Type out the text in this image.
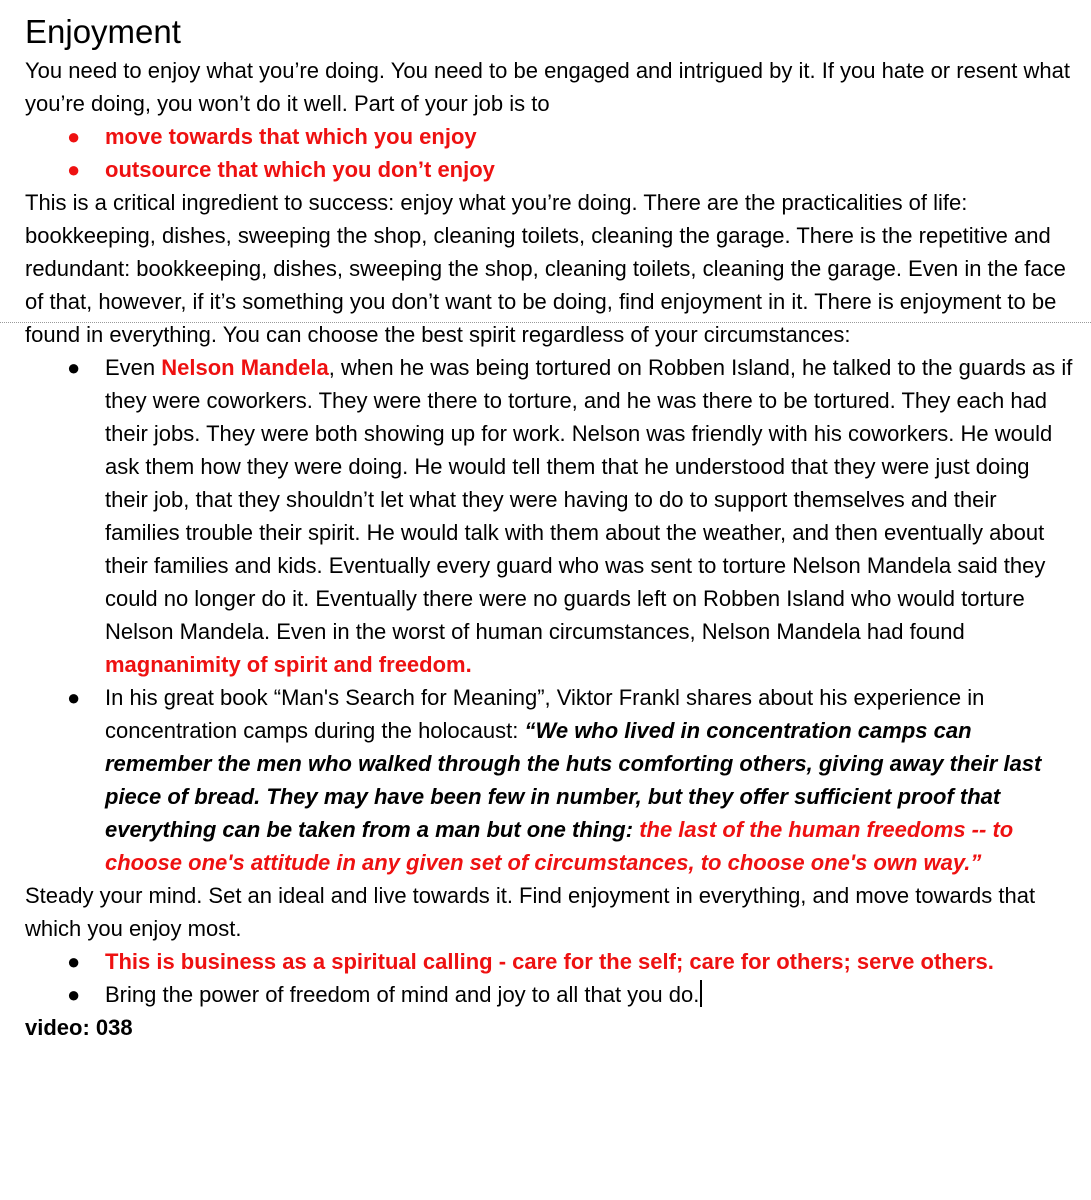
Enjoyment

You need to enjoy what you’re doing. You need to be engaged and intrigued by it. If you hate or resent what you’re doing, you won’t do it well. Part of your job is to

● move towards that which you enjoy
● outsource that which you don’t enjoy

This is a critical ingredient to success: enjoy what you’re doing. There are the practicalities of life: bookkeeping, dishes, sweeping the shop, cleaning toilets, cleaning the garage. There is the repetitive and redundant: bookkeeping, dishes, sweeping the shop, cleaning toilets, cleaning the garage. Even in the face of that, however, if it’s something you don’t want to be doing, find enjoyment in it. There is enjoyment to be found in everything. You can choose the best spirit regardless of your circumstances:

● Even Nelson Mandela, when he was being tortured on Robben Island, he talked to the guards as if they were coworkers. They were there to torture, and he was there to be tortured. They each had their jobs. They were both showing up for work. Nelson was friendly with his coworkers. He would ask them how they were doing. He would tell them that he understood that they were just doing their job, that they shouldn’t let what they were having to do to support themselves and their families trouble their spirit. He would talk with them about the weather, and then eventually about their families and kids. Eventually every guard who was sent to torture Nelson Mandela said they could no longer do it. Eventually there were no guards left on Robben Island who would torture Nelson Mandela. Even in the worst of human circumstances, Nelson Mandela had found magnanimity of spirit and freedom.
● In his great book “Man's Search for Meaning”, Viktor Frankl shares about his experience in concentration camps during the holocaust: “We who lived in concentration camps can remember the men who walked through the huts comforting others, giving away their last piece of bread. They may have been few in number, but they offer sufficient proof that everything can be taken from a man but one thing: the last of the human freedoms -- to choose one's attitude in any given set of circumstances, to choose one's own way.”

Steady your mind. Set an ideal and live towards it. Find enjoyment in everything, and move towards that which you enjoy most.

● This is business as a spiritual calling - care for the self; care for others; serve others.
● Bring the power of freedom of mind and joy to all that you do.

video: 038
